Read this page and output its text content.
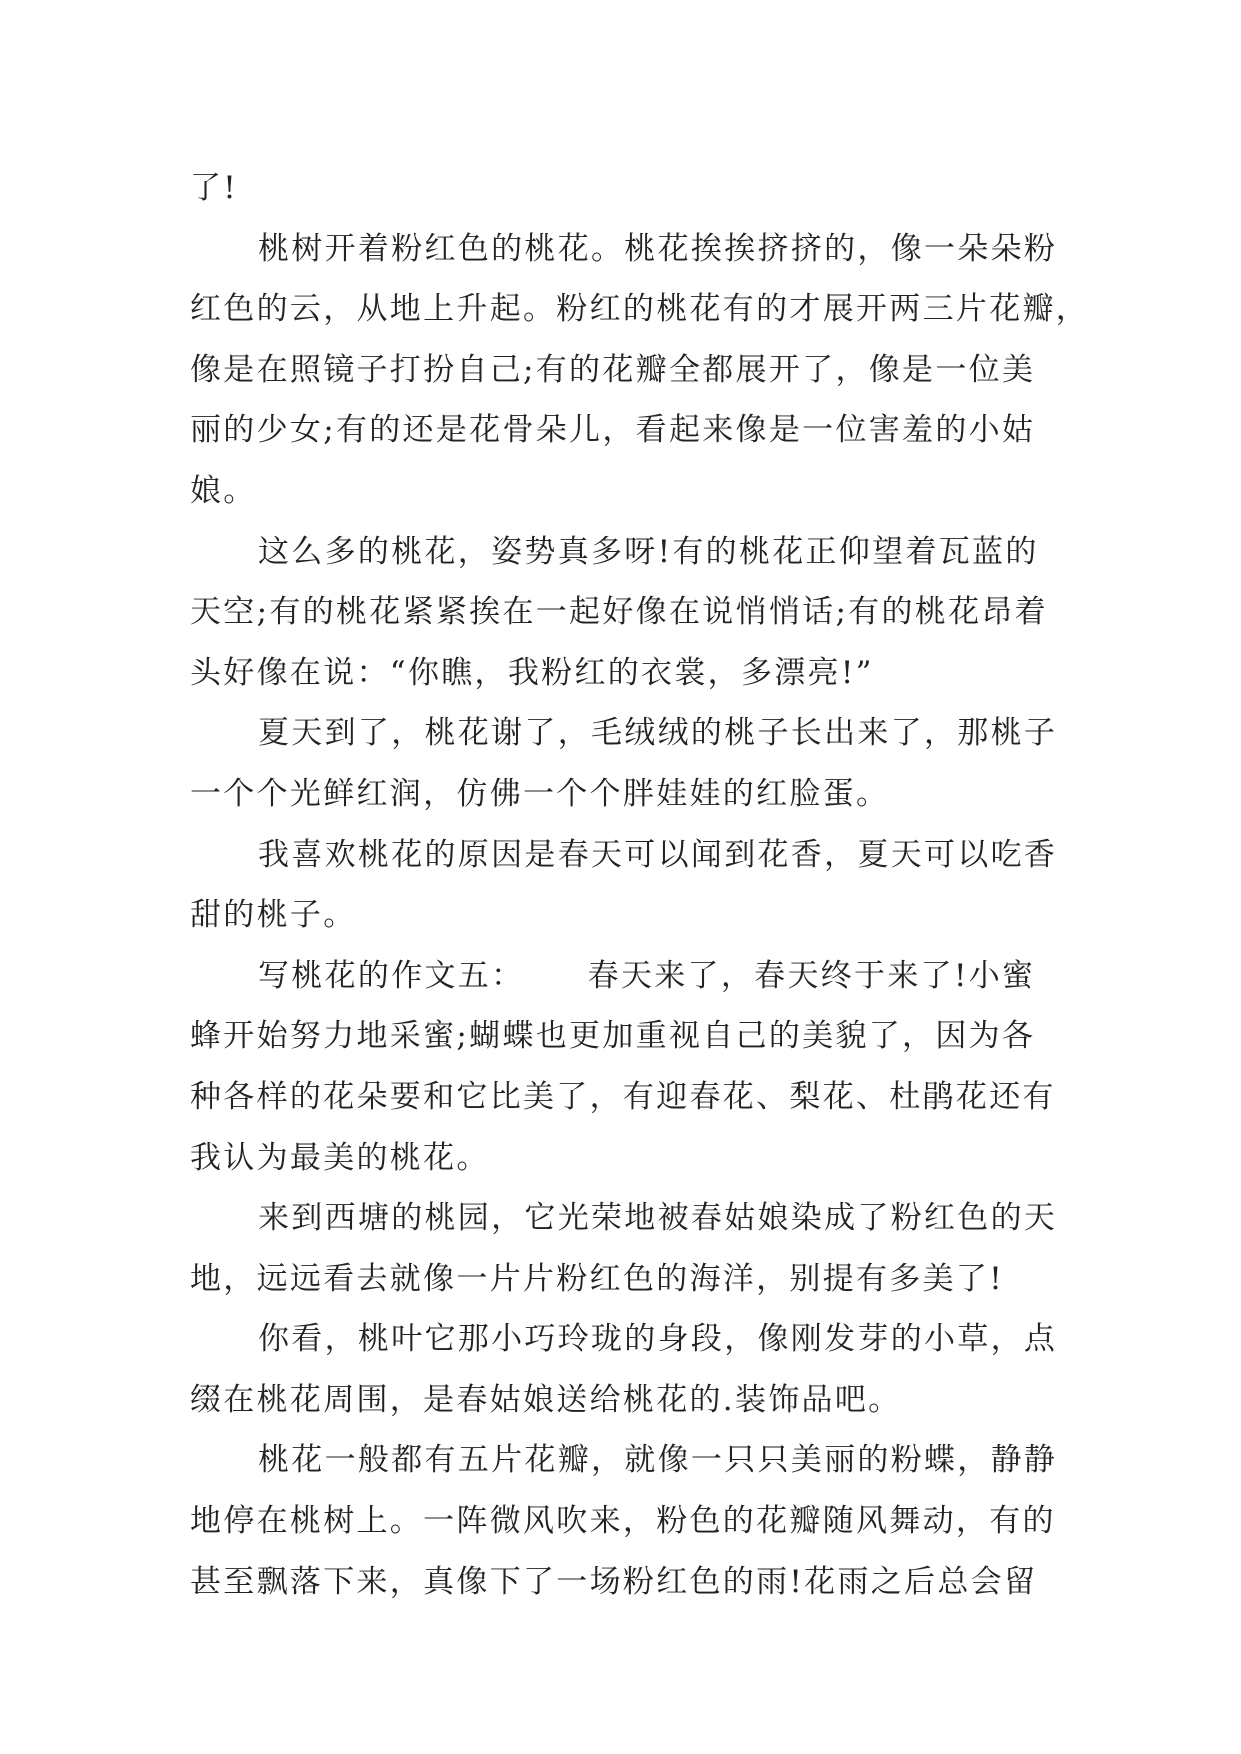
了!
桃树开着粉红色的桃花。桃花挨挨挤挤的，像一朵朵粉
红色的云，从地上升起。粉红的桃花有的才展开两三片花瓣，
像是在照镜子打扮自己;有的花瓣全都展开了，像是一位美
丽的少女;有的还是花骨朵儿，看起来像是一位害羞的小姑
娘。
这么多的桃花，姿势真多呀!有的桃花正仰望着瓦蓝的
天空;有的桃花紧紧挨在一起好像在说悄悄话;有的桃花昂着
头好像在说：“你瞧，我粉红的衣裳，多漂亮!”
夏天到了，桃花谢了，毛绒绒的桃子长出来了，那桃子
一个个光鲜红润，仿佛一个个胖娃娃的红脸蛋。
我喜欢桃花的原因是春天可以闻到花香，夏天可以吃香
甜的桃子。
写桃花的作文五：　　 春天来了，春天终于来了!小蜜
蜂开始努力地采蜜;蝴蝶也更加重视自己的美貌了，因为各
种各样的花朵要和它比美了，有迎春花、梨花、杜鹃花还有
我认为最美的桃花。
来到西塘的桃园，它光荣地被春姑娘染成了粉红色的天
地，远远看去就像一片片粉红色的海洋，别提有多美了!
你看，桃叶它那小巧玲珑的身段，像刚发芽的小草，点
缀在桃花周围，是春姑娘送给桃花的.装饰品吧。
桃花一般都有五片花瓣，就像一只只美丽的粉蝶，静静
地停在桃树上。一阵微风吹来，粉色的花瓣随风舞动，有的
甚至飘落下来，真像下了一场粉红色的雨!花雨之后总会留
